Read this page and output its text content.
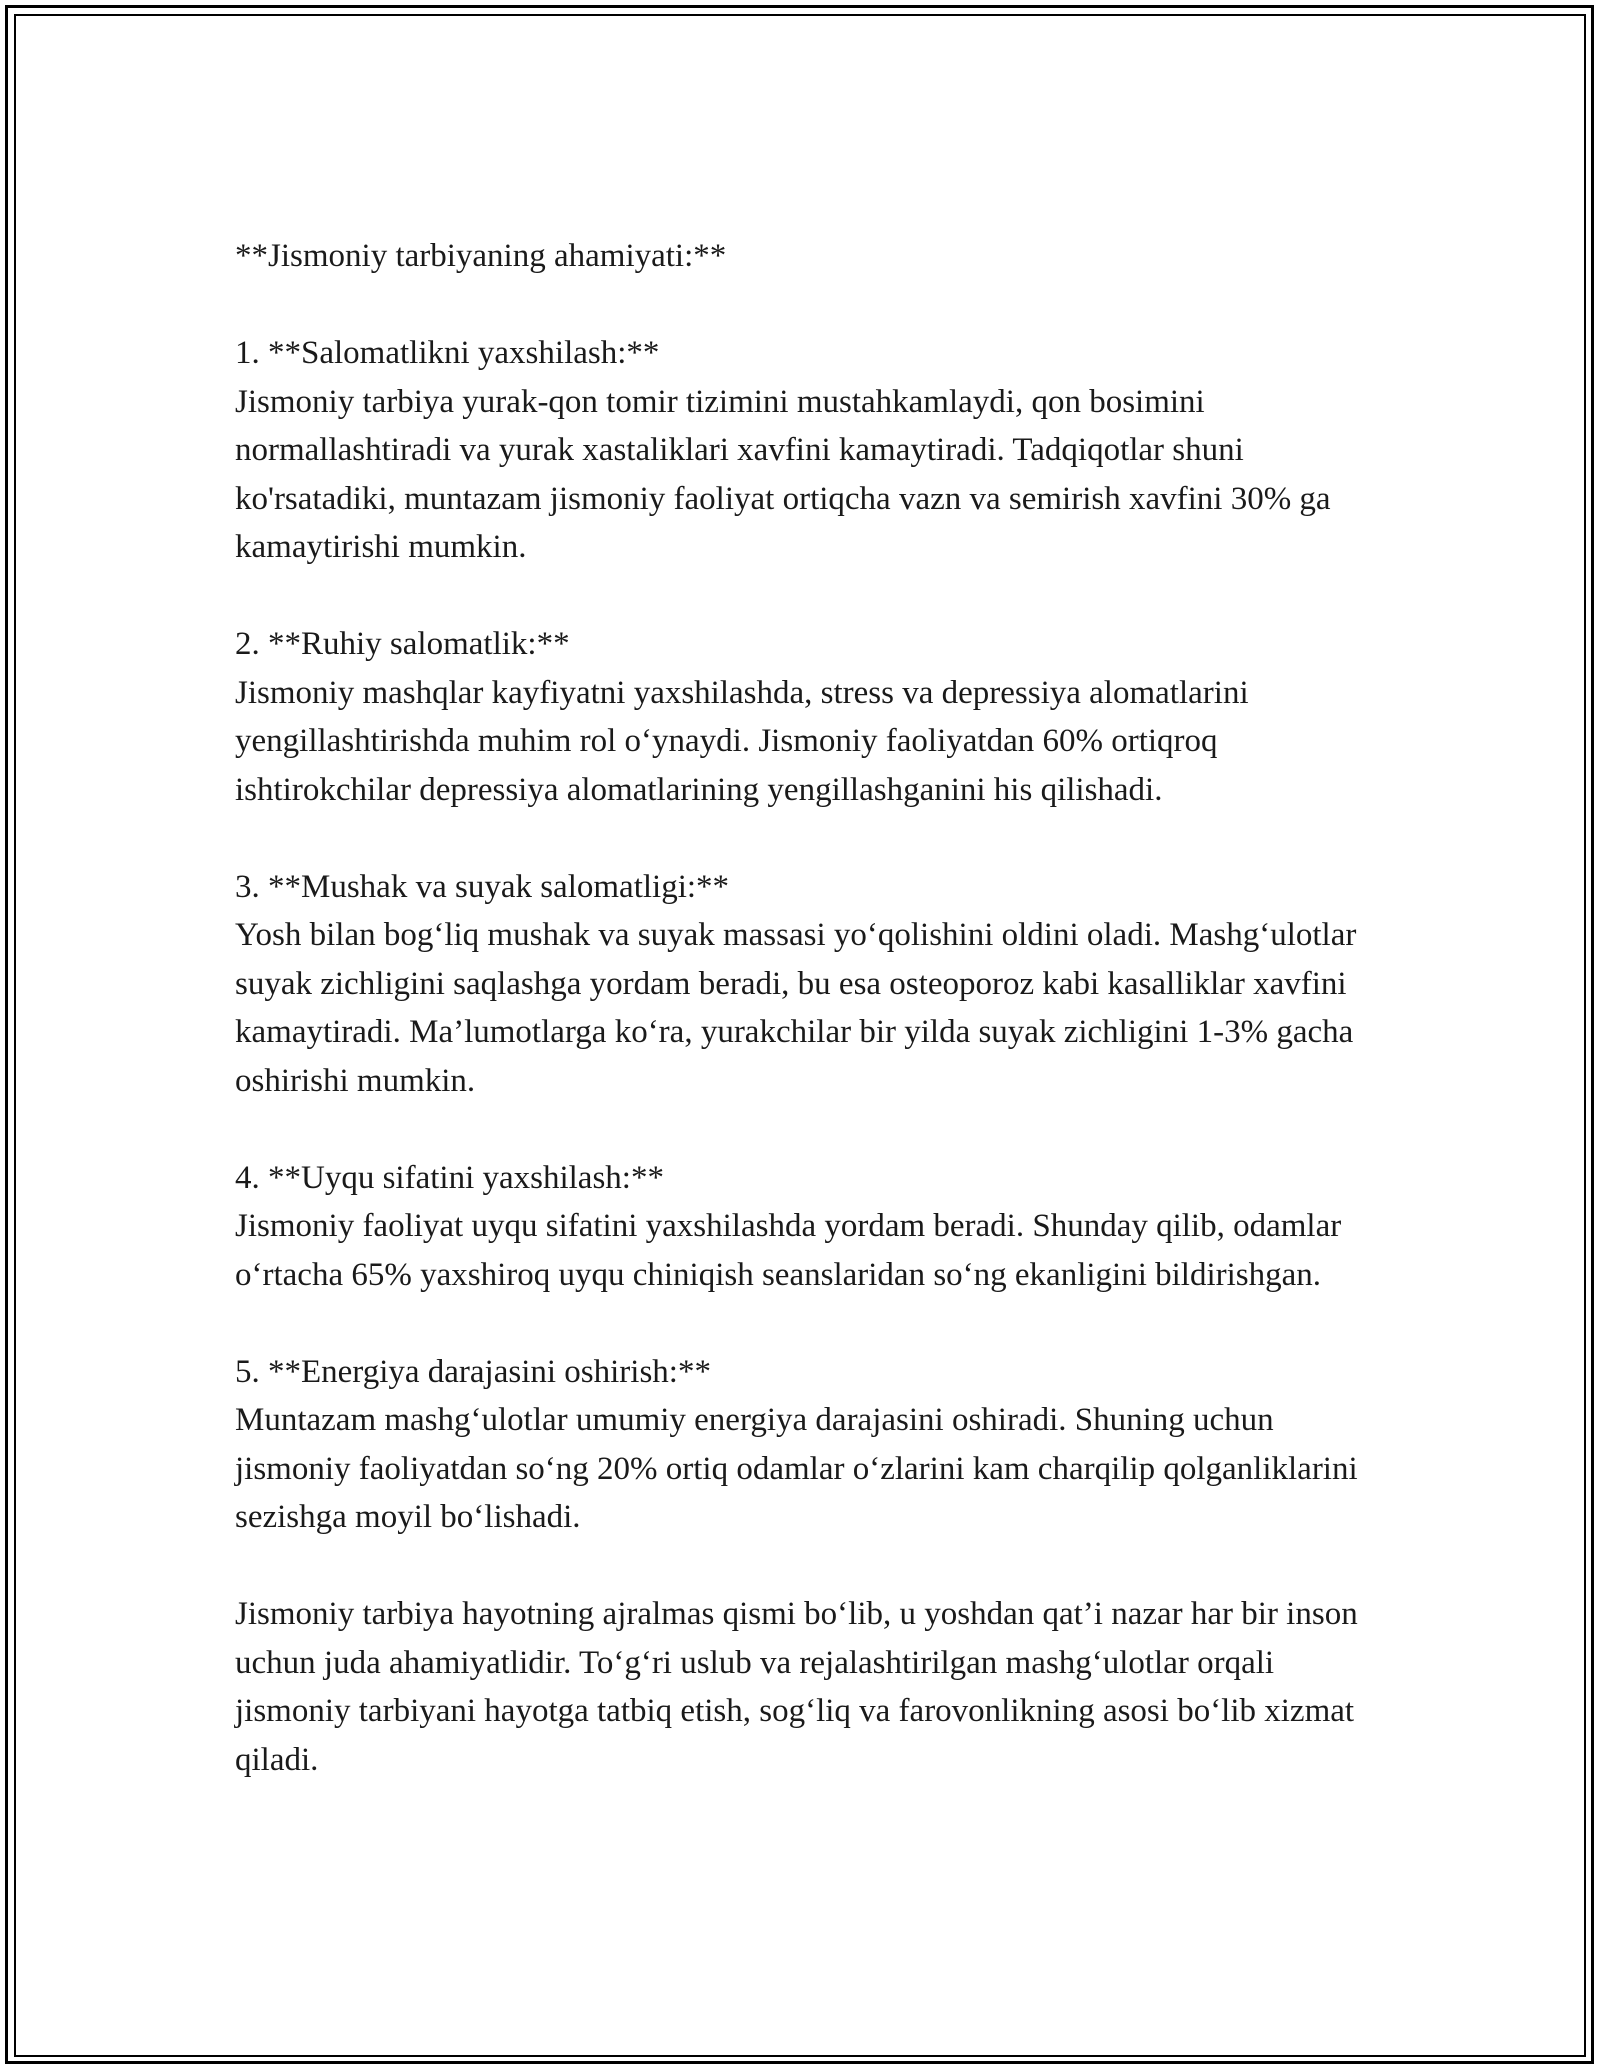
**Jismoniy tarbiyaning ahamiyati:**
1. **Salomatlikni yaxshilash:**
Jismoniy tarbiya yurak-qon tomir tizimini mustahkamlaydi, qon bosimini normallashtiradi va yurak xastaliklari xavfini kamaytiradi. Tadqiqotlar shuni ko'rsatadiki, muntazam jismoniy faoliyat ortiqcha vazn va semirish xavfini 30% ga kamaytirishi mumkin.
2. **Ruhiy salomatlik:**
Jismoniy mashqlar kayfiyatni yaxshilashda, stress va depressiya alomatlarini yengillashtirishda muhim rol o‘ynaydi. Jismoniy faoliyatdan 60% ortiqroq ishtirokchilar depressiya alomatlarining yengillashganini his qilishadi.
3. **Mushak va suyak salomatligi:**
Yosh bilan bog‘liq mushak va suyak massasi yo‘qolishini oldini oladi. Mashg‘ulotlar suyak zichligini saqlashga yordam beradi, bu esa osteoporoz kabi kasalliklar xavfini kamaytiradi. Ma’lumotlarga ko‘ra, yurakchilar bir yilda suyak zichligini 1-3% gacha oshirishi mumkin.
4. **Uyqu sifatini yaxshilash:**
Jismoniy faoliyat uyqu sifatini yaxshilashda yordam beradi. Shunday qilib, odamlar o‘rtacha 65% yaxshiroq uyqu chiniqish seanslaridan so‘ng ekanligini bildirishgan.
5. **Energiya darajasini oshirish:**
Muntazam mashg‘ulotlar umumiy energiya darajasini oshiradi. Shuning uchun jismoniy faoliyatdan so‘ng 20% ortiq odamlar o‘zlarini kam charqilip qolganliklarini sezishga moyil bo‘lishadi.
Jismoniy tarbiya hayotning ajralmas qismi bo‘lib, u yoshdan qat’i nazar har bir inson uchun juda ahamiyatlidir. To‘g‘ri uslub va rejalashtirilgan mashg‘ulotlar orqali jismoniy tarbiyani hayotga tatbiq etish, sog‘liq va farovonlikning asosi bo‘lib xizmat qiladi.
